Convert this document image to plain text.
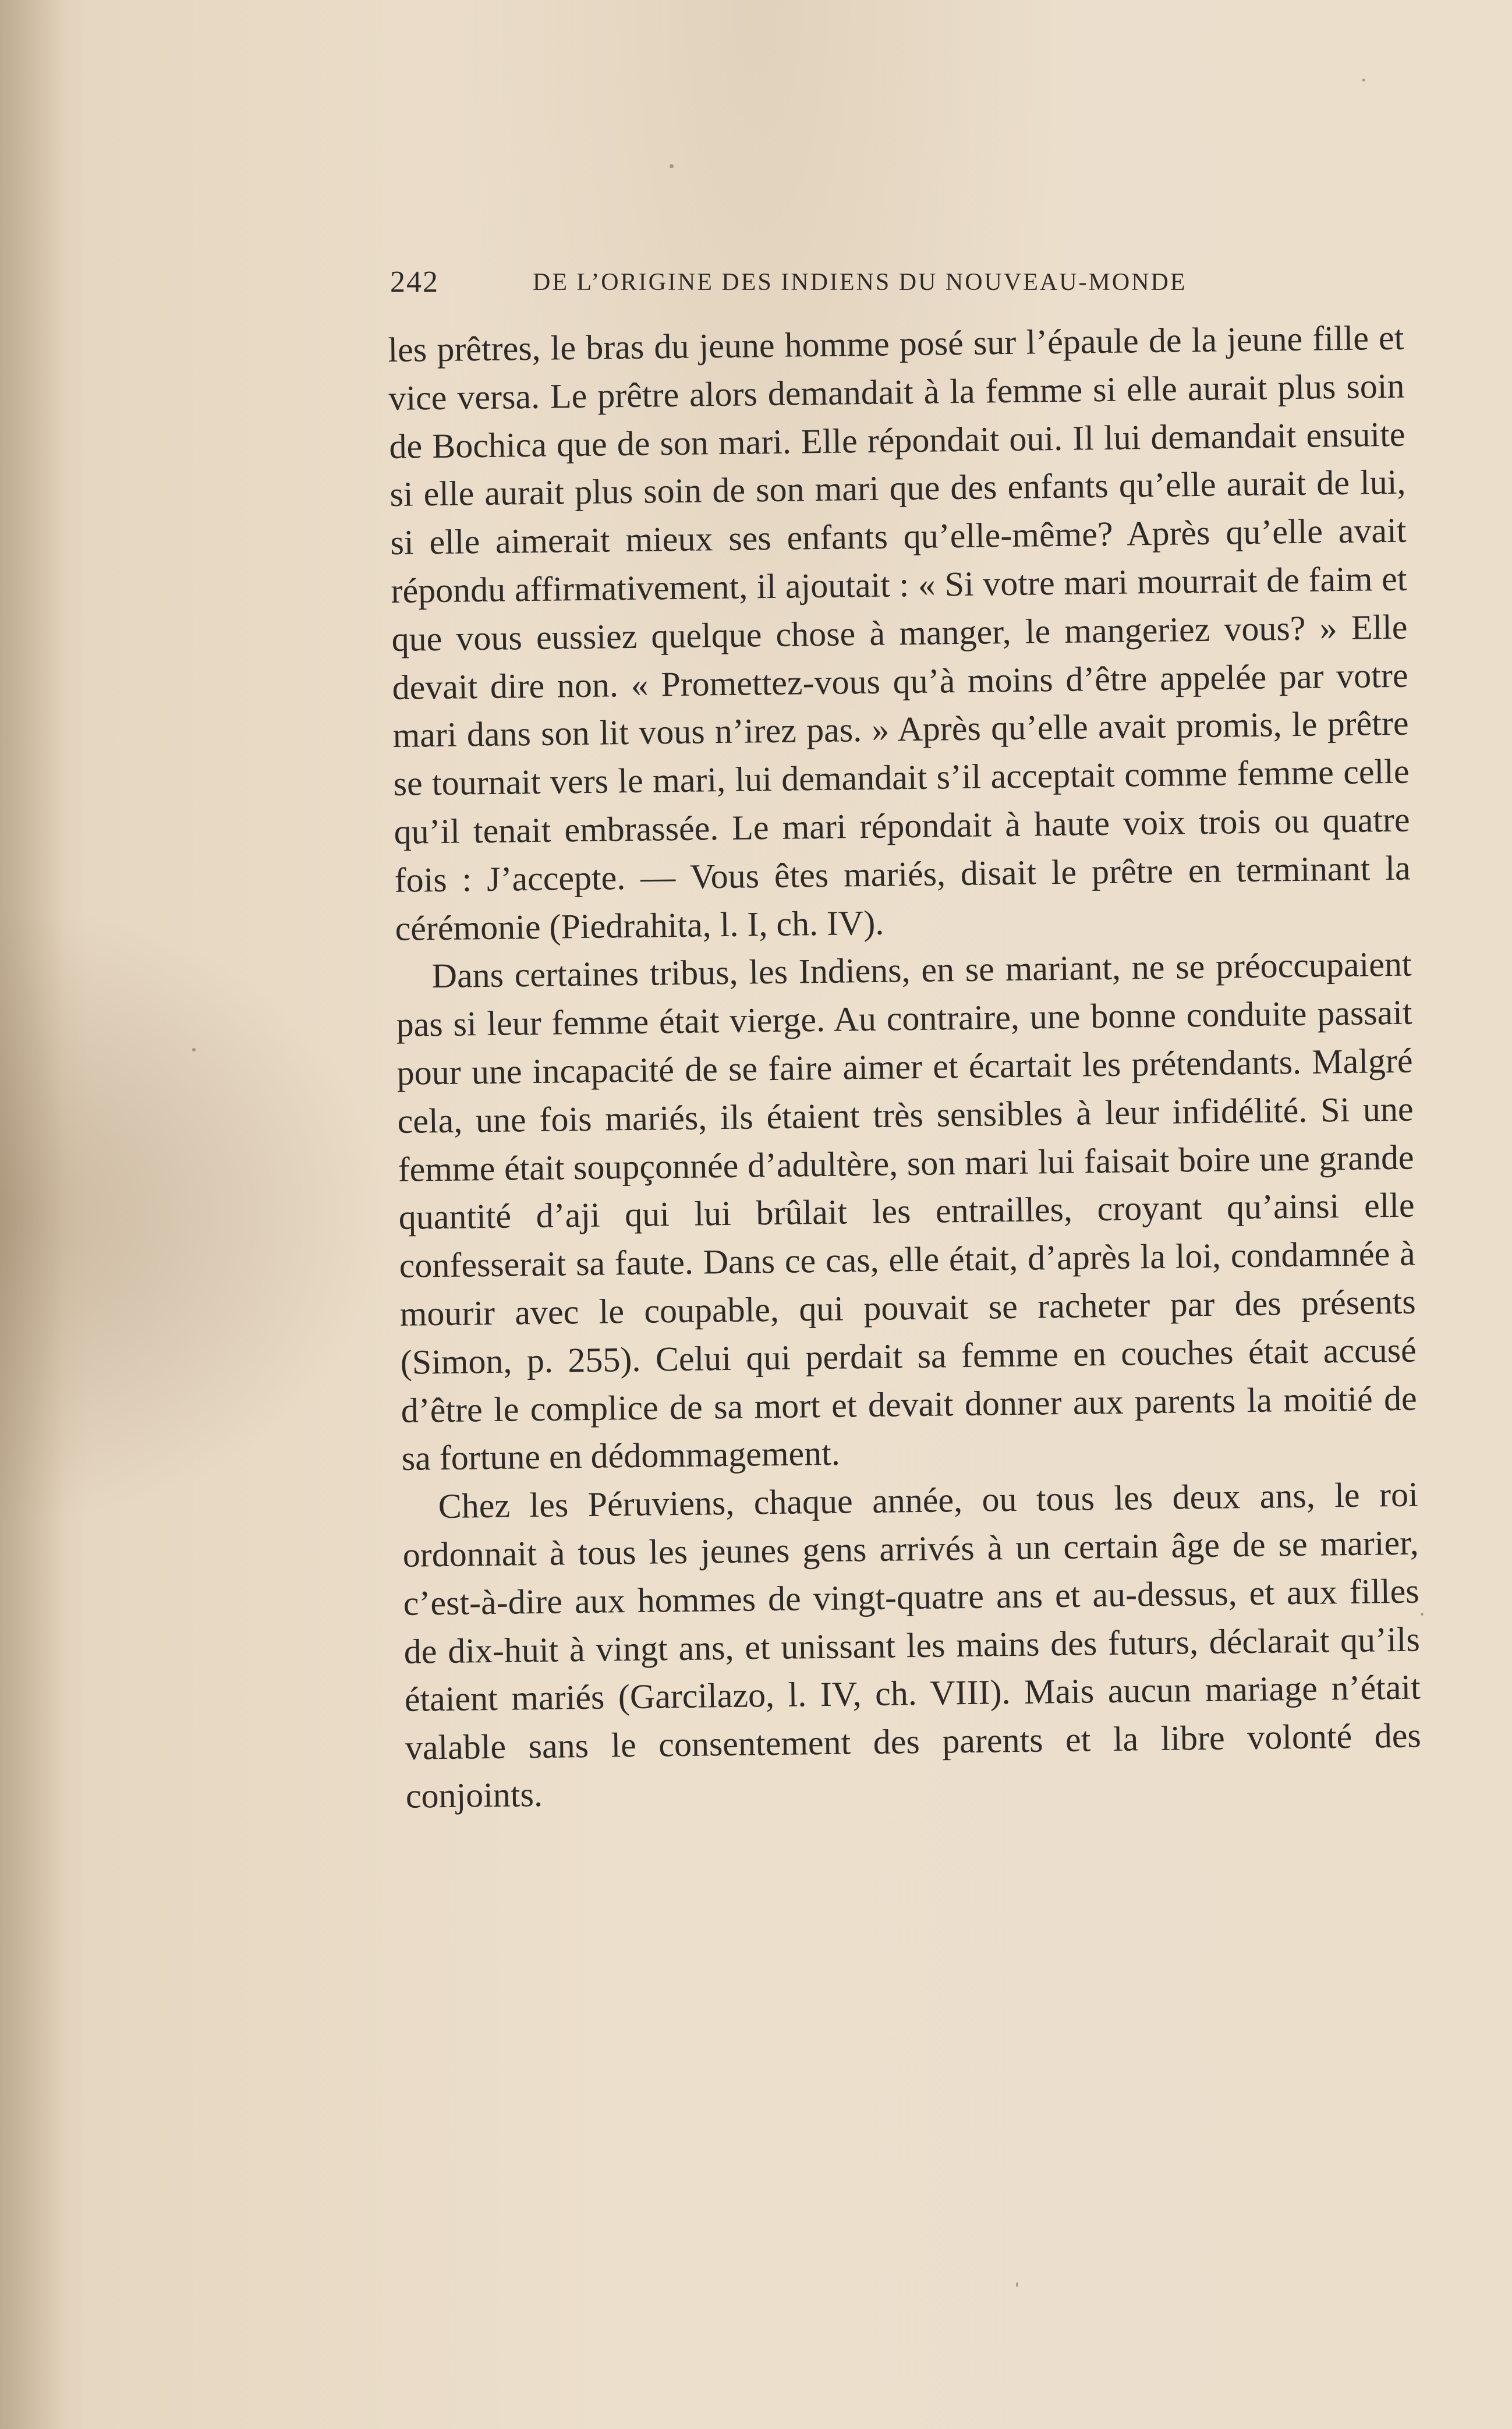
242	DE L’ORIGINE DES INDIENS DU NOUVEAU-MONDE

les prêtres, le bras du jeune homme posé sur l’épaule de la jeune fille et vice versa. Le prêtre alors demandait à la femme si elle aurait plus soin de Bochica que de son mari. Elle répondait oui. Il lui demandait ensuite si elle aurait plus soin de son mari que des enfants qu’elle aurait de lui, si elle aimerait mieux ses enfants qu’elle-même? Après qu’elle avait répondu affirmativement, il ajoutait : « Si votre mari mourrait de faim et que vous eussiez quelque chose à manger, le mangeriez vous? » Elle devait dire non. « Promettez-vous qu’à moins d’être appelée par votre mari dans son lit vous n’irez pas. » Après qu’elle avait promis, le prêtre se tournait vers le mari, lui demandait s’il acceptait comme femme celle qu’il tenait embrassée. Le mari répondait à haute voix trois ou quatre fois : J’accepte. — Vous êtes mariés, disait le prêtre en terminant la cérémonie (Piedrahita, l. I, ch. IV).

Dans certaines tribus, les Indiens, en se mariant, ne se préoccupaient pas si leur femme était vierge. Au contraire, une bonne conduite passait pour une incapacité de se faire aimer et écartait les prétendants. Malgré cela, une fois mariés, ils étaient très sensibles à leur infidélité. Si une femme était soupçonnée d’adultère, son mari lui faisait boire une grande quantité d’aji qui lui brûlait les entrailles, croyant qu’ainsi elle confesserait sa faute. Dans ce cas, elle était, d’après la loi, condamnée à mourir avec le coupable, qui pouvait se racheter par des présents (Simon, p. 255). Celui qui perdait sa femme en couches était accusé d’être le complice de sa mort et devait donner aux parents la moitié de sa fortune en dédommagement.

Chez les Péruviens, chaque année, ou tous les deux ans, le roi ordonnait à tous les jeunes gens arrivés à un certain âge de se marier, c’est-à-dire aux hommes de vingt-quatre ans et au-dessus, et aux filles de dix-huit à vingt ans, et unissant les mains des futurs, déclarait qu’ils étaient mariés (Garcilazo, l. IV, ch. VIII). Mais aucun mariage n’était valable sans le consentement des parents et la libre volonté des conjoints.
